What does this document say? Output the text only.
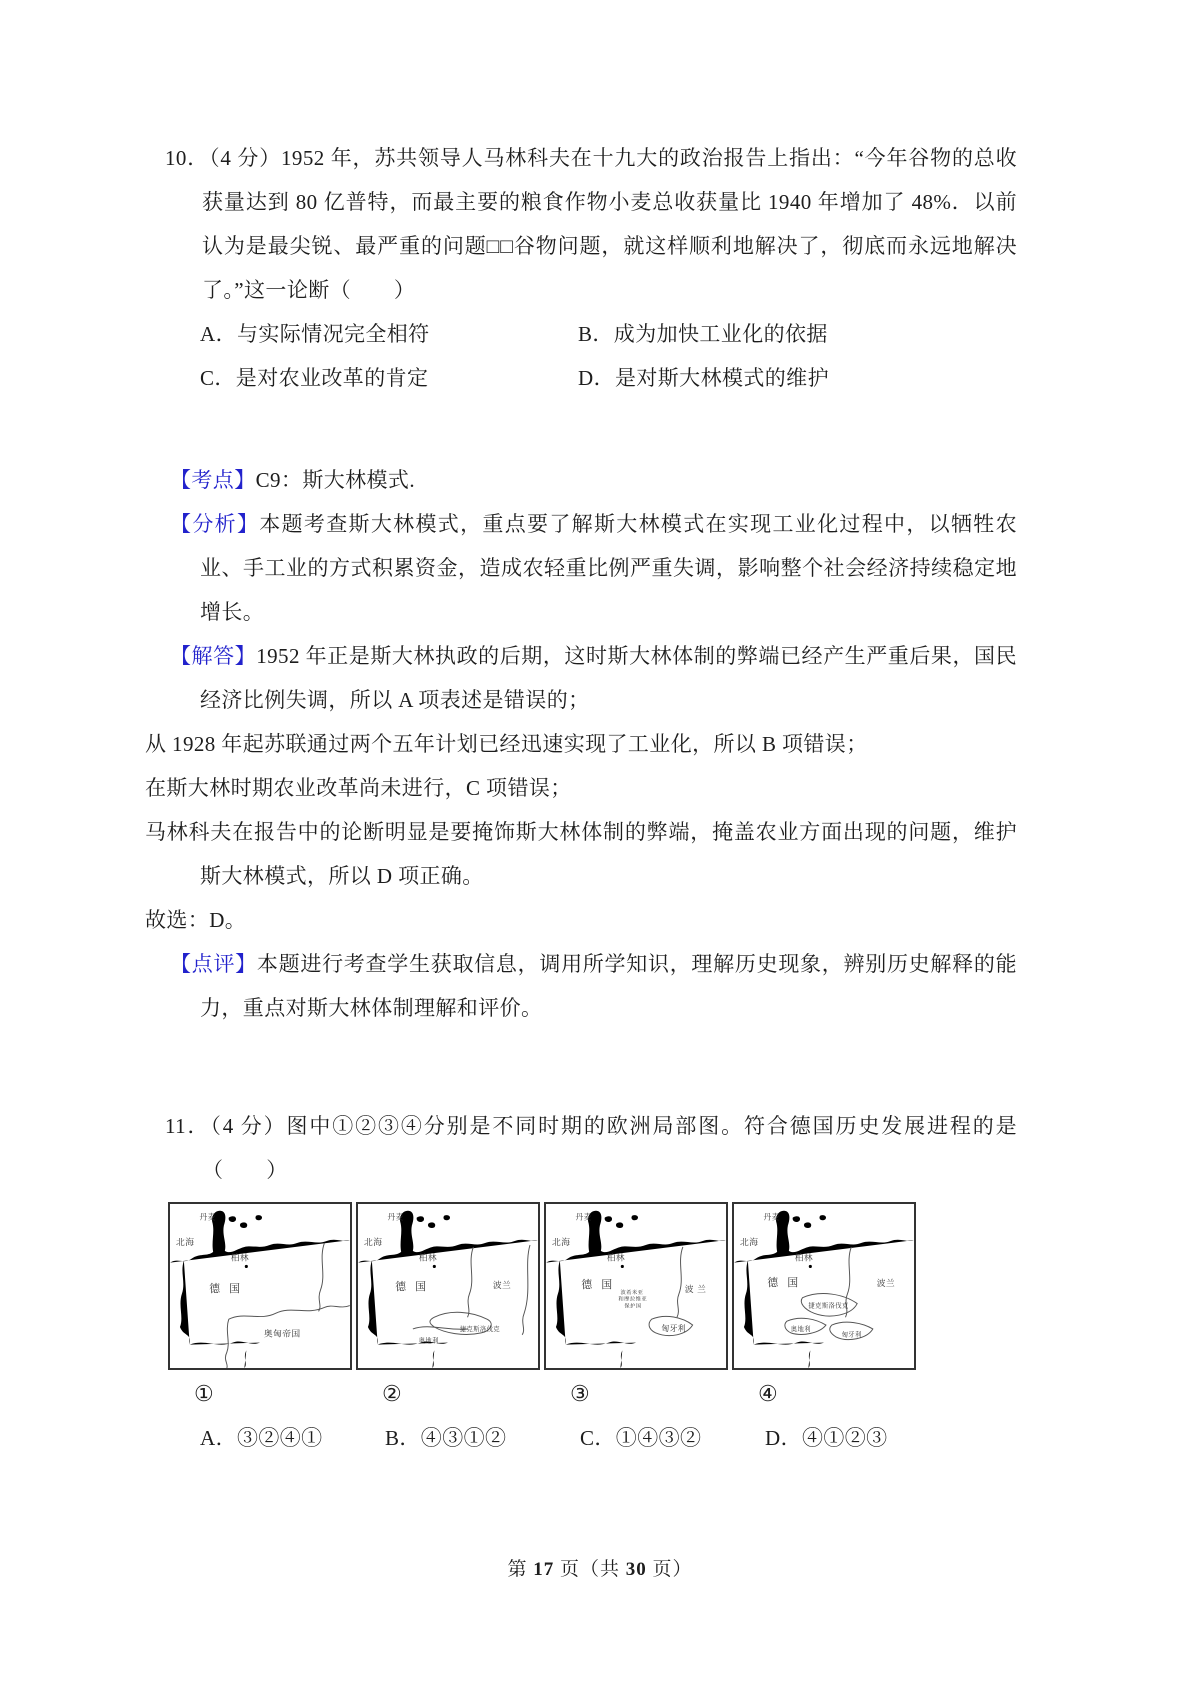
10．（4 分）1952 年，苏共领导人马林科夫在十九大的政治报告上指出：“今年谷物的总收获量达到 80 亿普特，而最主要的粮食作物小麦总收获量比 1940 年增加了 48%．以前认为是最尖锐、最严重的问题□□谷物问题，就这样顺利地解决了，彻底而永远地解决了。”这一论断（　　）

A．与实际情况完全相符	B．成为加快工业化的依据
C．是对农业改革的肯定	D．是对斯大林模式的维护

【考点】C9：斯大林模式.

【分析】本题考查斯大林模式，重点要了解斯大林模式在实现工业化过程中，以牺牲农业、手工业的方式积累资金，造成农轻重比例严重失调，影响整个社会经济持续稳定地增长。

【解答】1952 年正是斯大林执政的后期，这时斯大林体制的弊端已经产生严重后果，国民经济比例失调，所以 A 项表述是错误的；

从 1928 年起苏联通过两个五年计划已经迅速实现了工业化，所以 B 项错误；

在斯大林时期农业改革尚未进行，C 项错误；

马林科夫在报告中的论断明显是要掩饰斯大林体制的弊端，掩盖农业方面出现的问题，维护斯大林模式，所以 D 项正确。

故选：D。

【点评】本题进行考查学生获取信息，调用所学知识，理解历史现象，辨别历史解释的能力，重点对斯大林体制理解和评价。

11．（4 分）图中①②③④分别是不同时期的欧洲局部图。符合德国历史发展进程的是（　　）

北海
丹麦
柏林
德 国
奥匈帝国
北海
丹麦
柏林
德 国	波兰
捷克斯洛伐克
奥地利
北海
丹麦
柏林
德 国	波 兰
匈牙利
波希米亚
和摩拉维亚
保护国
北海
丹麦
柏林
德 国	波兰
捷克斯洛伐克
奥地利
匈牙利
①	②	③	④
A．③②④①	B．④③①②	C．①④③②	D．④①②③
第 17 页（共 30 页）
